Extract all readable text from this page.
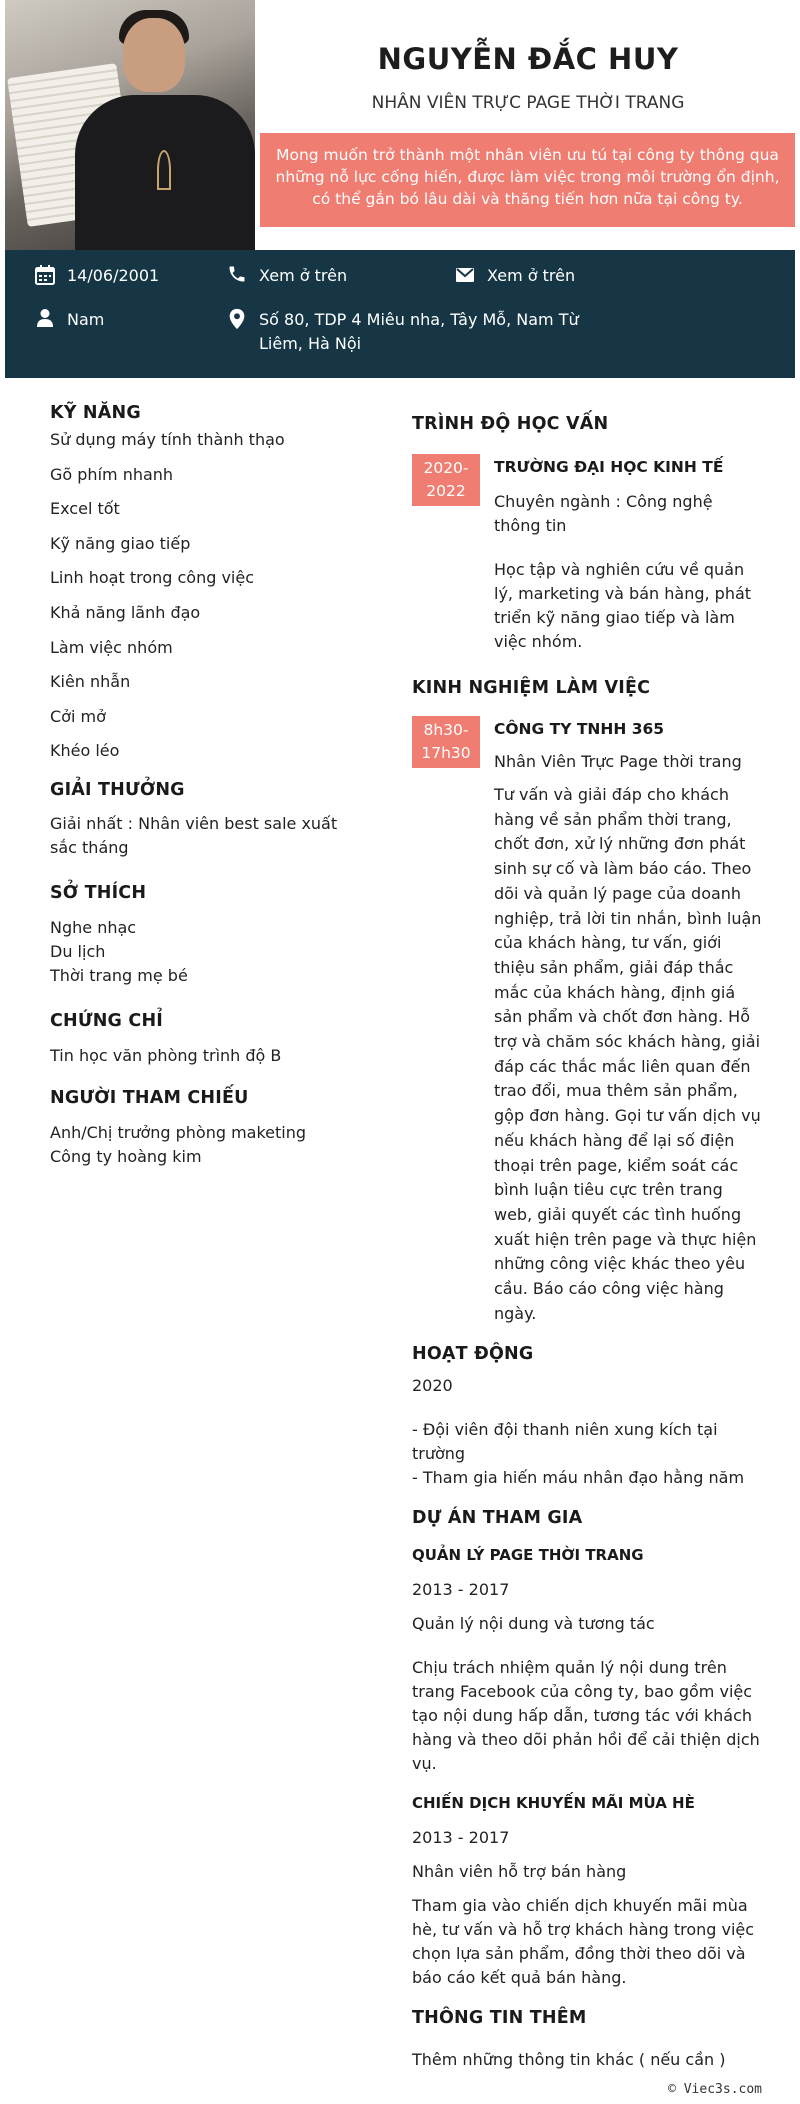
NGUYỄN ĐẮC HUY
NHÂN VIÊN TRỰC PAGE THỜI TRANG
Mong muốn trở thành một nhân viên ưu tú tại công ty thông qua những nỗ lực cống hiến, được làm việc trong môi trường ổn định, có thể gắn bó lâu dài và thăng tiến hơn nữa tại công ty.
14/06/2001	Xem ở trên	Xem ở trên
Nam	Số 80, TDP 4 Miêu nha, Tây Mỗ, Nam Từ Liêm, Hà Nội
KỸ NĂNG
Sử dụng máy tính thành thạo
Gõ phím nhanh
Excel tốt
Kỹ năng giao tiếp
Linh hoạt trong công việc
Khả năng lãnh đạo
Làm việc nhóm
Kiên nhẫn
Cởi mở
Khéo léo
GIẢI THƯỞNG
Giải nhất : Nhân viên best sale xuất sắc tháng
SỞ THÍCH
Nghe nhạc
Du lịch
Thời trang mẹ bé
CHỨNG CHỈ
Tin học văn phòng trình độ B
NGƯỜI THAM CHIẾU
Anh/Chị trưởng phòng maketing
Công ty hoàng kim
TRÌNH ĐỘ HỌC VẤN
2020-
2022
TRƯỜNG ĐẠI HỌC KINH TẾ
Chuyên ngành : Công nghệ thông tin
Học tập và nghiên cứu về quản lý, marketing và bán hàng, phát triển kỹ năng giao tiếp và làm việc nhóm.
KINH NGHIỆM LÀM VIỆC
8h30-
17h30
CÔNG TY TNHH 365
Nhân Viên Trực Page thời trang
Tư vấn và giải đáp cho khách hàng về sản phẩm thời trang, chốt đơn, xử lý những đơn phát sinh sự cố và làm báo cáo. Theo dõi và quản lý page của doanh nghiệp, trả lời tin nhắn, bình luận của khách hàng, tư vấn, giới thiệu sản phẩm, giải đáp thắc mắc của khách hàng, định giá sản phẩm và chốt đơn hàng. Hỗ trợ và chăm sóc khách hàng, giải đáp các thắc mắc liên quan đến trao đổi, mua thêm sản phẩm, gộp đơn hàng. Gọi tư vấn dịch vụ nếu khách hàng để lại số điện thoại trên page, kiểm soát các bình luận tiêu cực trên trang web, giải quyết các tình huống xuất hiện trên page và thực hiện những công việc khác theo yêu cầu. Báo cáo công việc hàng ngày.
HOẠT ĐỘNG
2020
- Đội viên đội thanh niên xung kích tại trường
- Tham gia hiến máu nhân đạo hằng năm
DỰ ÁN THAM GIA
QUẢN LÝ PAGE THỜI TRANG
2013 - 2017
Quản lý nội dung và tương tác
Chịu trách nhiệm quản lý nội dung trên trang Facebook của công ty, bao gồm việc tạo nội dung hấp dẫn, tương tác với khách hàng và theo dõi phản hồi để cải thiện dịch vụ.
CHIẾN DỊCH KHUYẾN MÃI MÙA HÈ
2013 - 2017
Nhân viên hỗ trợ bán hàng
Tham gia vào chiến dịch khuyến mãi mùa hè, tư vấn và hỗ trợ khách hàng trong việc chọn lựa sản phẩm, đồng thời theo dõi và báo cáo kết quả bán hàng.
THÔNG TIN THÊM
Thêm những thông tin khác ( nếu cần )
© Viec3s.com
